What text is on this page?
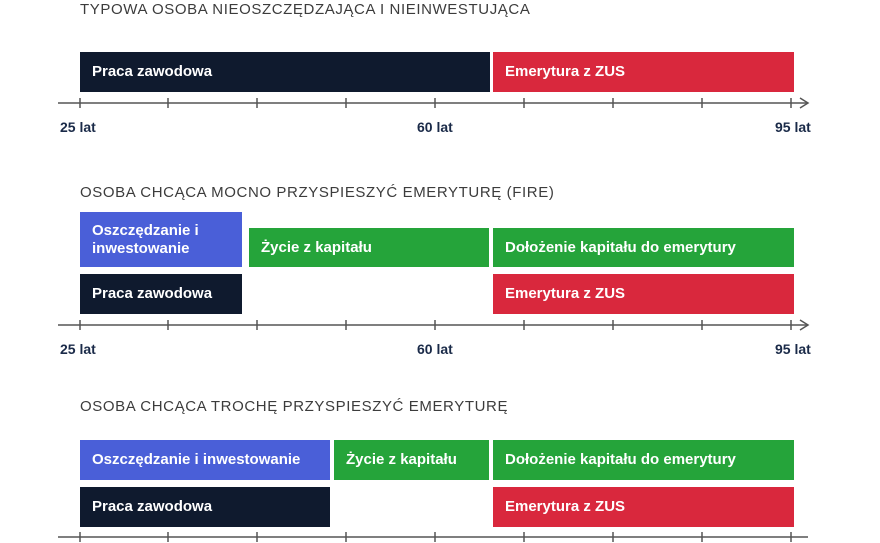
TYPOWA OSOBA NIEOSZCZĘDZAJĄCA I NIEINWESTUJĄCA
Praca zawodowa	Emerytura z ZUS
25 lat	60 lat	95 lat
OSOBA CHCĄCA MOCNO PRZYSPIESZYĆ EMERYTURĘ (FIRE)
Oszczędzanie i inwestowanie	Życie z kapitału	Dołożenie kapitału do emerytury
Praca zawodowa	Emerytura z ZUS
25 lat	60 lat	95 lat
OSOBA CHCĄCA TROCHĘ PRZYSPIESZYĆ EMERYTURĘ
Oszczędzanie i inwestowanie	Życie z kapitału	Dołożenie kapitału do emerytury
Praca zawodowa	Emerytura z ZUS
